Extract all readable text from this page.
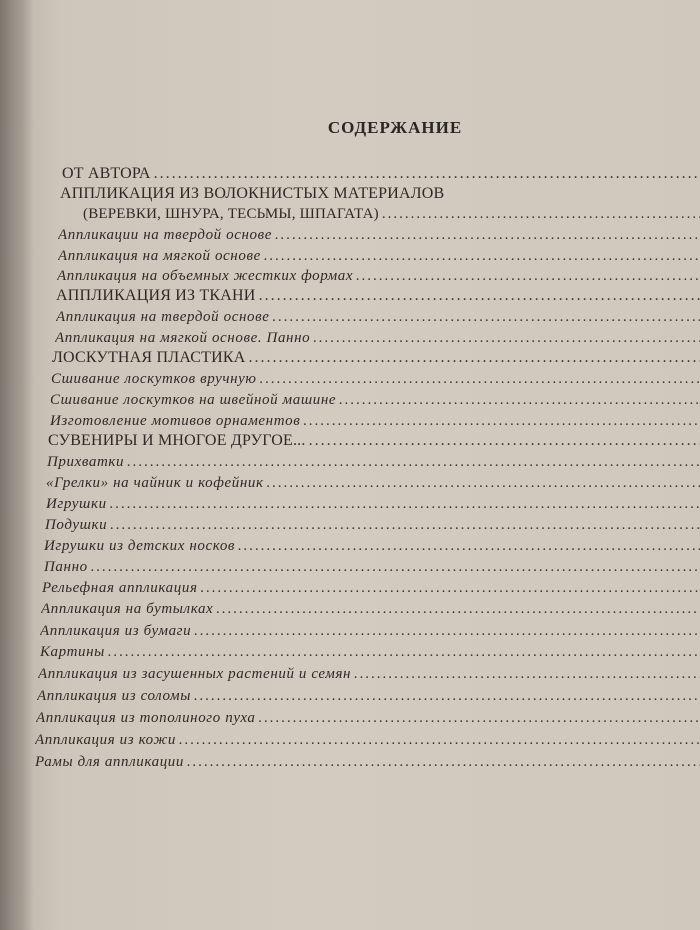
СОДЕРЖАНИЕ
ОТ АВТОРА
.....
АППЛИКАЦИЯ ИЗ ВОЛОКНИСТЫХ МАТЕРИАЛОВ
(ВЕРЕВКИ, ШНУРА, ТЕСЬМЫ, ШПАГАТА)
.....
Аппликации на твердой основе
.....
Аппликация на мягкой основе
.....
Аппликация на объемных жестких формах
.....
АППЛИКАЦИЯ ИЗ ТКАНИ
.....
Аппликация на твердой основе
.....
Аппликация на мягкой основе. Панно
.....
ЛОСКУТНАЯ ПЛАСТИКА
.....
Сшивание лоскутков вручную
.....
Сшивание лоскутков на швейной машине
.....
Изготовление мотивов орнаментов
.....
СУВЕНИРЫ И МНОГОЕ ДРУГОЕ...
.....
Прихватки
.....
«Грелки» на чайник и кофейник
.....
Игрушки
.....
Подушки
.....
Игрушки из детских носков
.....
Панно
.....
Рельефная аппликация
.....
Аппликация на бутылках
.....
Аппликация из бумаги
.....
Картины
.....
Аппликация из засушенных растений и семян
.....
Аппликация из соломы
.....
Аппликация из тополиного пуха
.....
Аппликация из кожи
.....
Рамы для аппликации
.....
